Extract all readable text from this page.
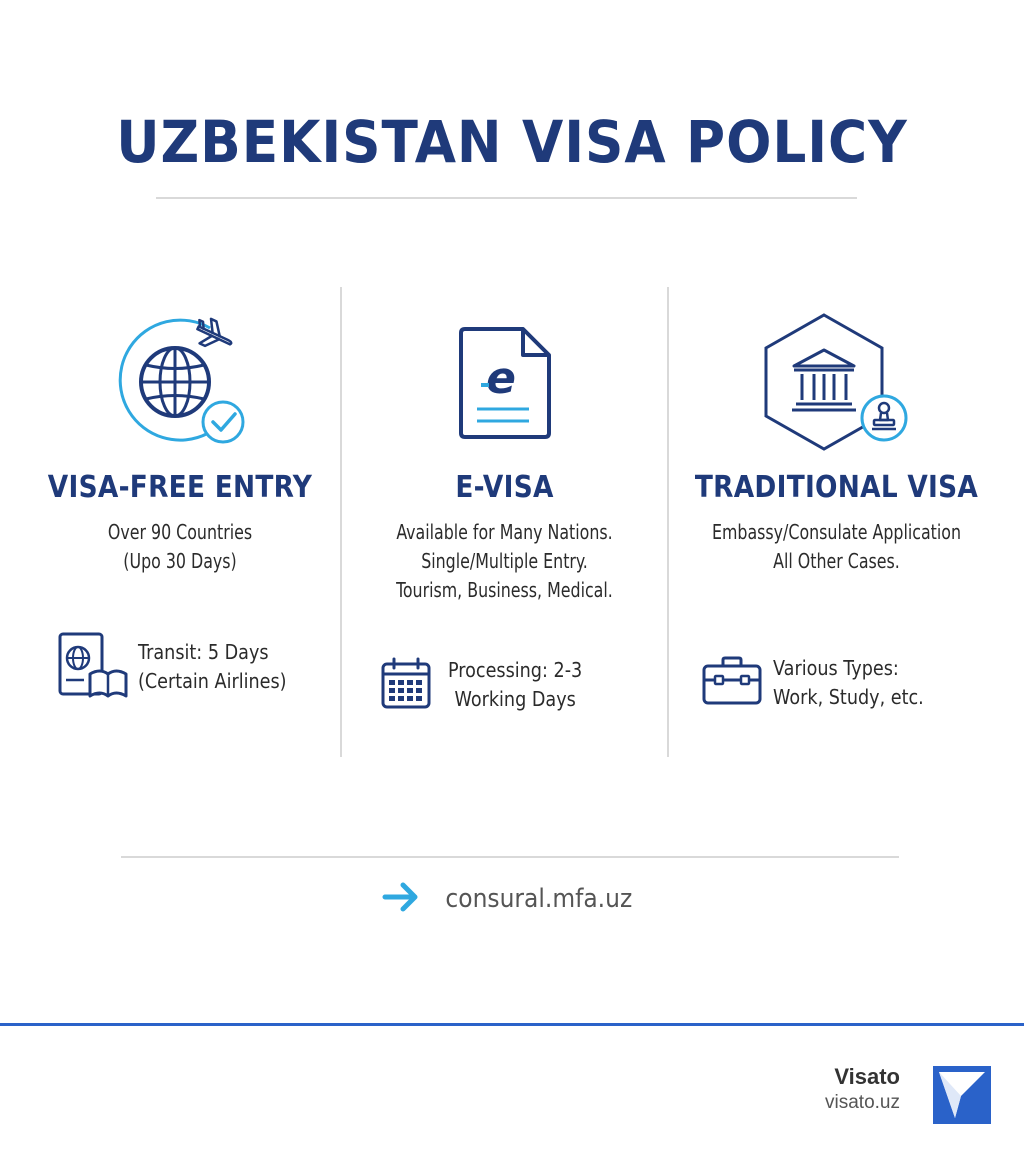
UZBEKISTAN VISA POLICY
VISA-FREE ENTRY
Over 90 Countries
(Upo 30 Days)
Transit: 5 Days
(Certain Airlines)
e
E-VISA
Available for Many Nations.
Single/Multiple Entry.
Tourism, Business, Medical.
Processing: 2-3
Working Days
TRADITIONAL VISA
Embassy/Consulate Application
All Other Cases.
Various Types:
Work, Study, etc.
consural.mfa.uz
Visato
visato.uz
